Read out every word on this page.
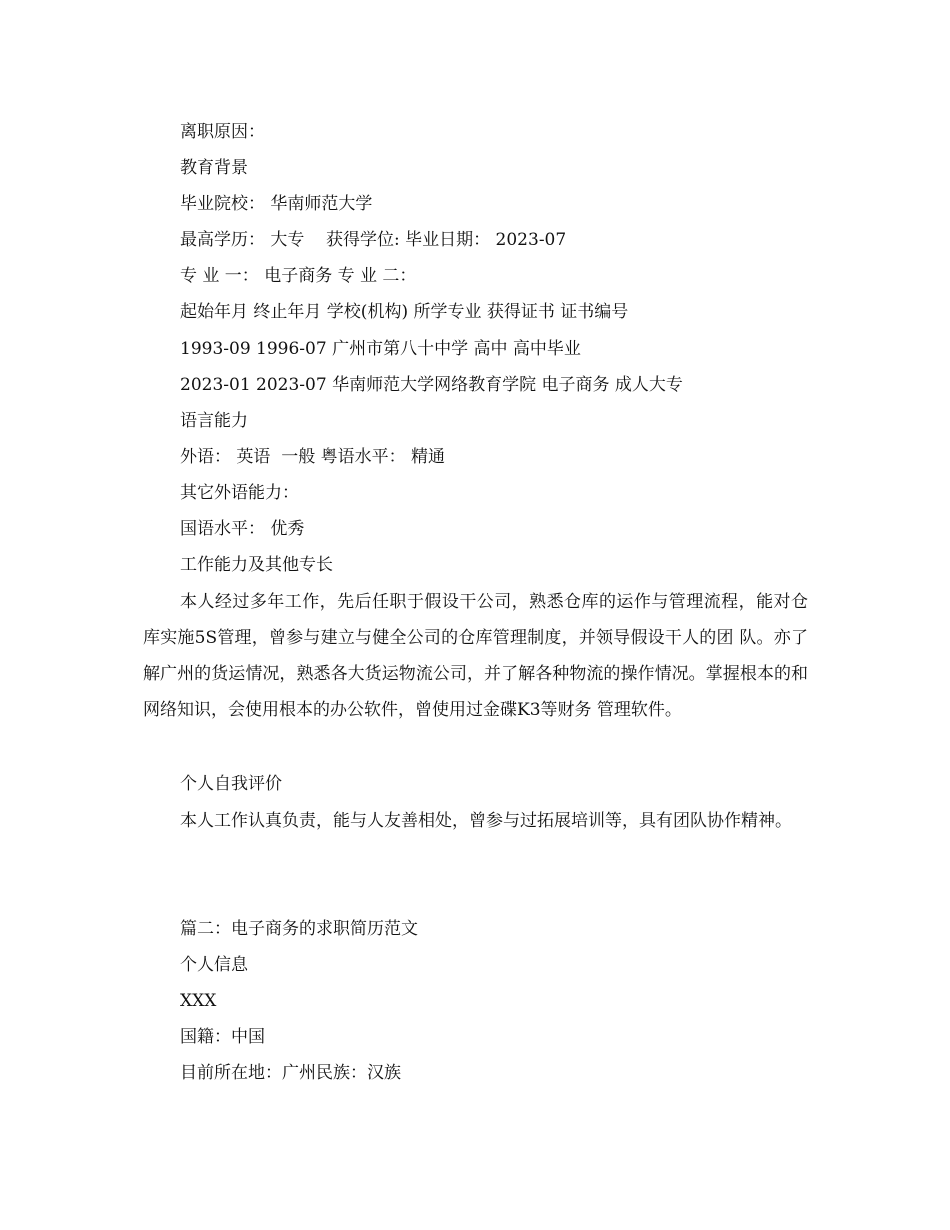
离职原因：

教育背景

毕业院校： 华南师范大学

最高学历： 大专    获得学位: 毕业日期： 2023-07

专 业 一： 电子商务 专 业 二：

起始年月 终止年月 学校(机构) 所学专业 获得证书 证书编号

1993-09 1996-07 广州市第八十中学 高中 高中毕业

2023-01 2023-07 华南师范大学网络教育学院 电子商务 成人大专

语言能力

外语： 英语  一般 粤语水平： 精通

其它外语能力：

国语水平： 优秀

工作能力及其他专长

本人经过多年工作，先后任职于假设干公司，熟悉仓库的运作与管理流程，能对仓库实施5S管理，曾参与建立与健全公司的仓库管理制度，并领导假设干人的团 队。亦了解广州的货运情况，熟悉各大货运物流公司，并了解各种物流的操作情况。掌握根本的和网络知识，会使用根本的办公软件，曾使用过金碟K3等财务 管理软件。

个人自我评价

本人工作认真负责，能与人友善相处，曾参与过拓展培训等，具有团队协作精神。

篇二：电子商务的求职简历范文

个人信息

XXX

国籍：中国

目前所在地：广州民族：汉族
